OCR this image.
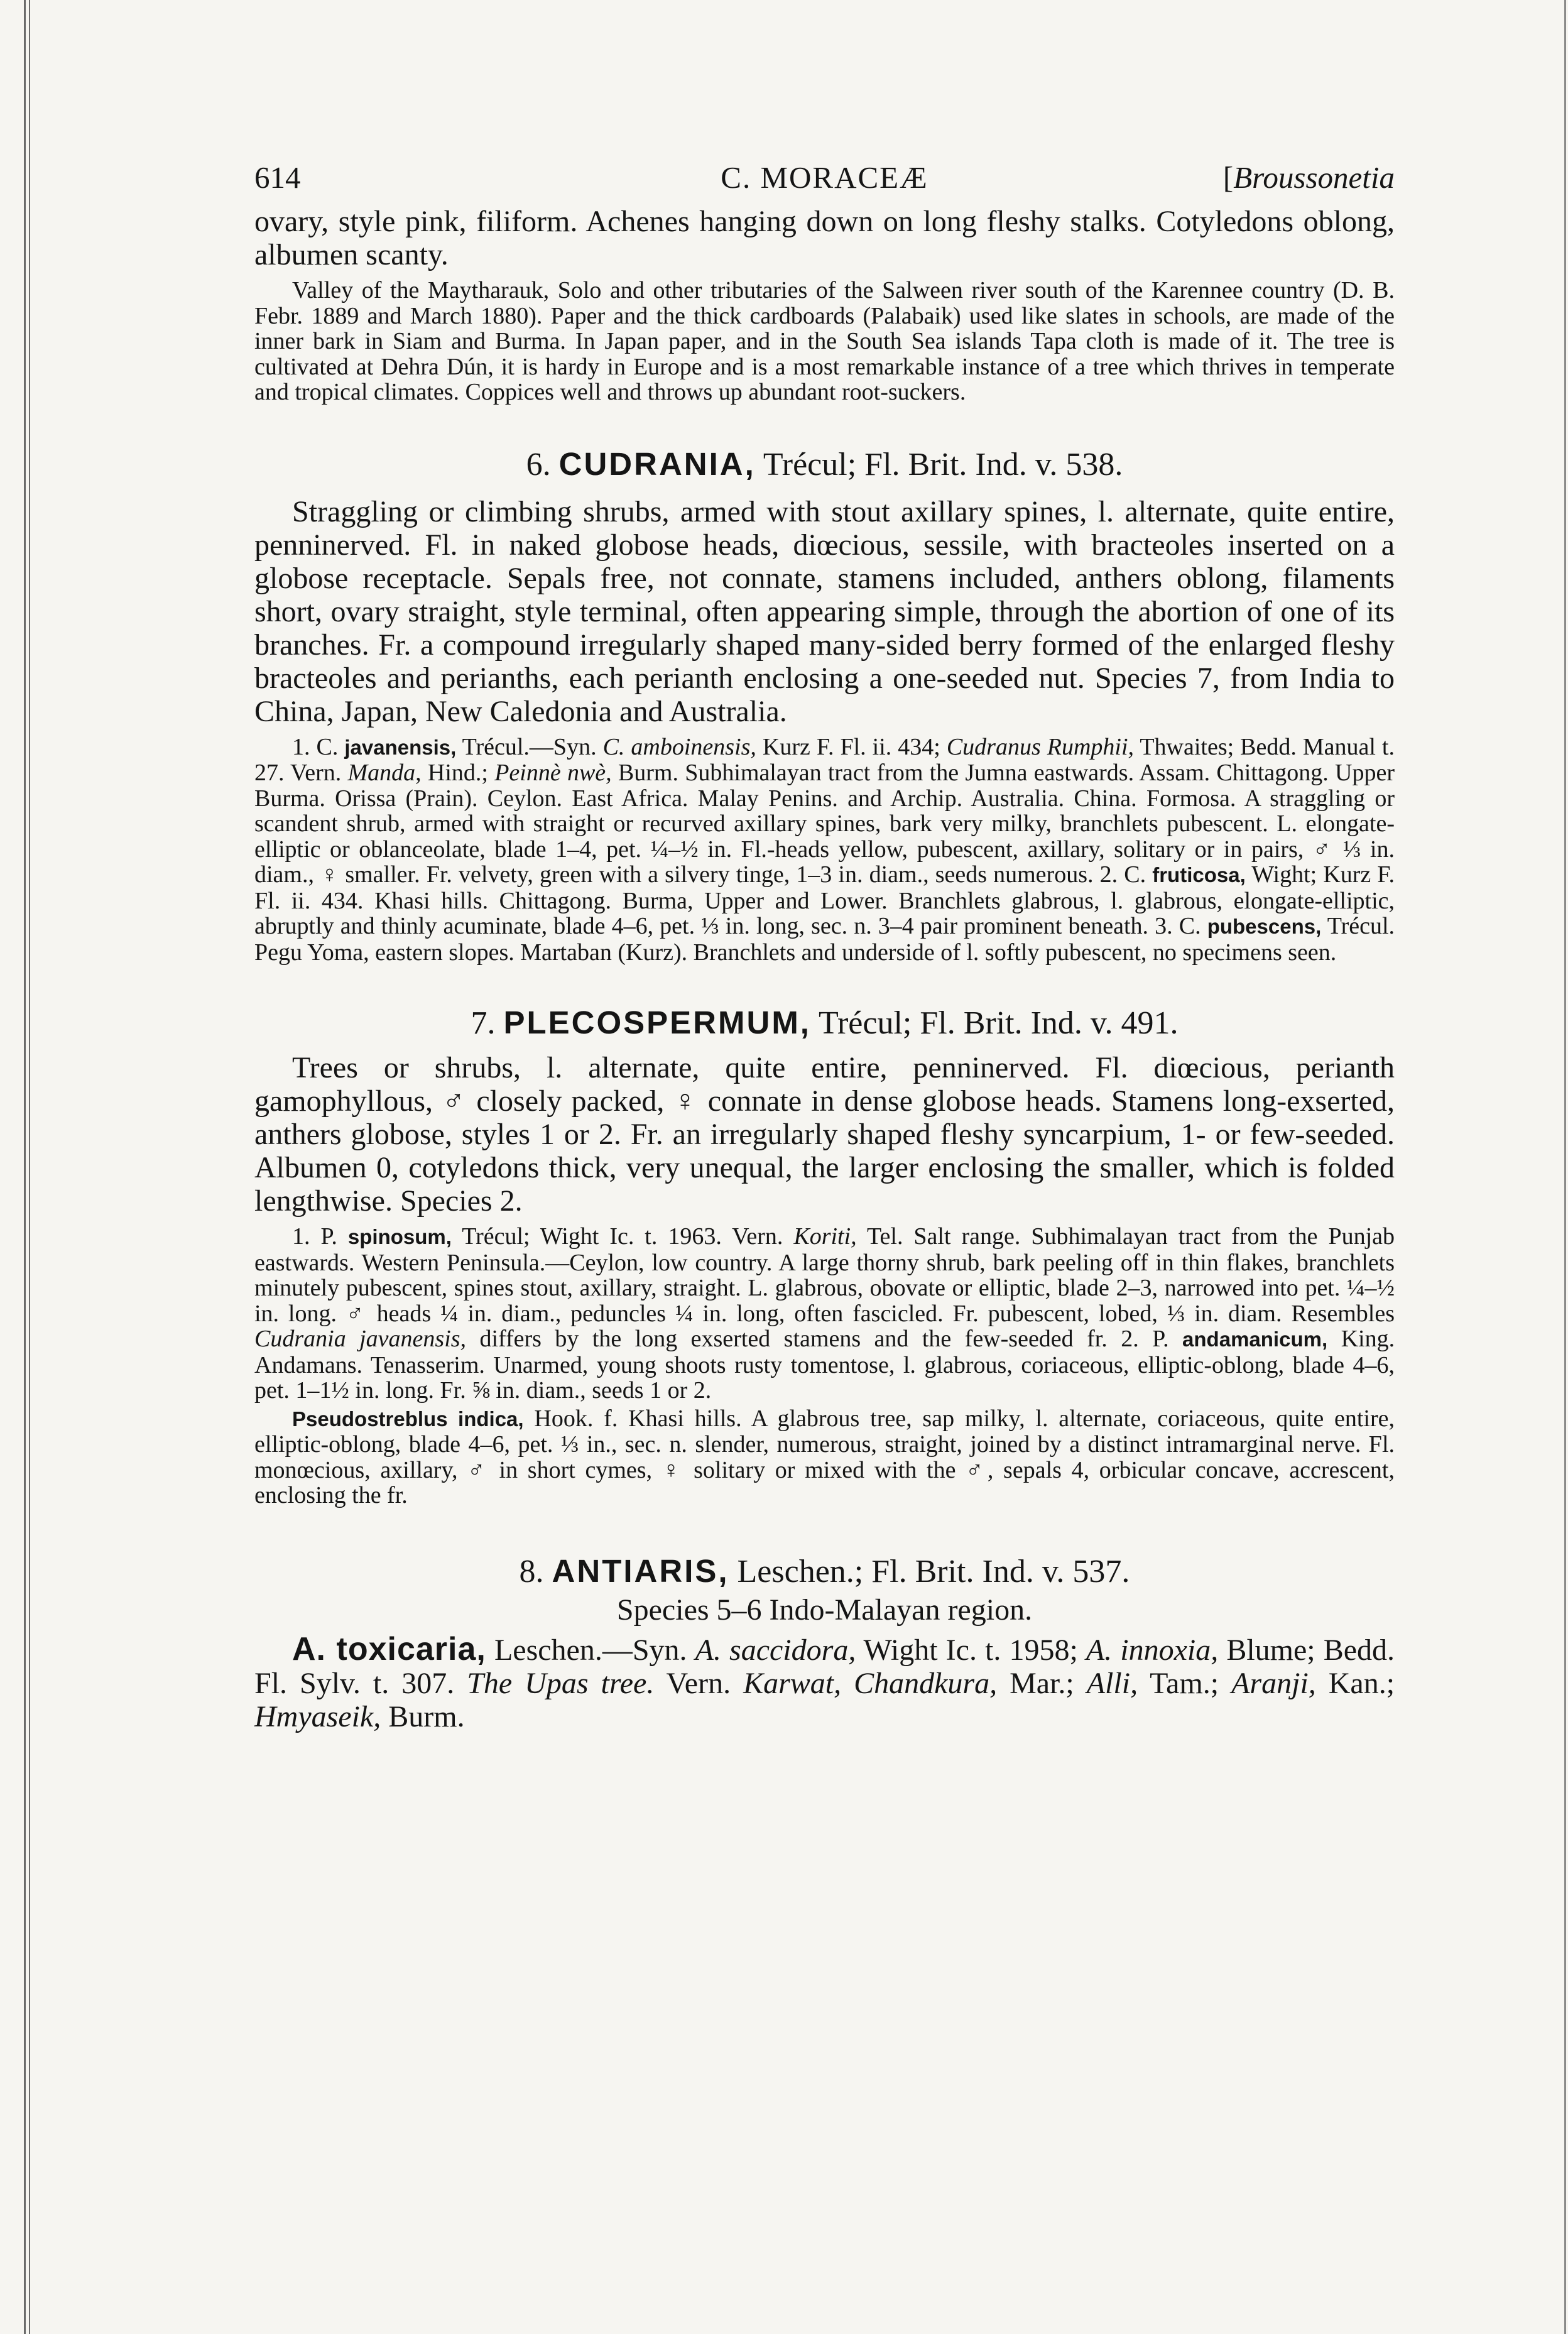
614	C. MORACEÆ	[Broussonetia

ovary, style pink, filiform. Achenes hanging down on long fleshy stalks. Cotyledons oblong, albumen scanty.

Valley of the Maytharauk, Solo and other tributaries of the Salween river south of the Karennee country (D. B. Febr. 1889 and March 1880). Paper and the thick cardboards (Palabaik) used like slates in schools, are made of the inner bark in Siam and Burma. In Japan paper, and in the South Sea islands Tapa cloth is made of it. The tree is cultivated at Dehra Dún, it is hardy in Europe and is a most remarkable instance of a tree which thrives in temperate and tropical climates. Coppices well and throws up abundant root-suckers.

6. CUDRANIA, Trécul; Fl. Brit. Ind. v. 538.

Straggling or climbing shrubs, armed with stout axillary spines, l. alternate, quite entire, penninerved. Fl. in naked globose heads, diœcious, sessile, with bracteoles inserted on a globose receptacle. Sepals free, not connate, stamens included, anthers oblong, filaments short, ovary straight, style terminal, often appearing simple, through the abortion of one of its branches. Fr. a compound irregularly shaped many-sided berry formed of the enlarged fleshy bracteoles and perianths, each perianth enclosing a one-seeded nut. Species 7, from India to China, Japan, New Caledonia and Australia.

1. C. javanensis, Trécul.—Syn. C. amboinensis, Kurz F. Fl. ii. 434; Cudranus Rumphii, Thwaites; Bedd. Manual t. 27. Vern. Manda, Hind.; Peinnè nwè, Burm. Subhimalayan tract from the Jumna eastwards. Assam. Chittagong. Upper Burma. Orissa (Prain). Ceylon. East Africa. Malay Penins. and Archip. Australia. China. Formosa. A straggling or scandent shrub, armed with straight or recurved axillary spines, bark very milky, branchlets pubescent. L. elongate-elliptic or oblanceolate, blade 1–4, pet. ¼–½ in. Fl.-heads yellow, pubescent, axillary, solitary or in pairs, ♂ ⅓ in. diam., ♀ smaller. Fr. velvety, green with a silvery tinge, 1–3 in. diam., seeds numerous. 2. C. fruticosa, Wight; Kurz F. Fl. ii. 434. Khasi hills. Chittagong. Burma, Upper and Lower. Branchlets glabrous, l. glabrous, elongate-elliptic, abruptly and thinly acuminate, blade 4–6, pet. ⅓ in. long, sec. n. 3–4 pair prominent beneath. 3. C. pubescens, Trécul. Pegu Yoma, eastern slopes. Martaban (Kurz). Branchlets and underside of l. softly pubescent, no specimens seen.

7. PLECOSPERMUM, Trécul; Fl. Brit. Ind. v. 491.

Trees or shrubs, l. alternate, quite entire, penninerved. Fl. diœcious, perianth gamophyllous, ♂ closely packed, ♀ connate in dense globose heads. Stamens long-exserted, anthers globose, styles 1 or 2. Fr. an irregularly shaped fleshy syncarpium, 1- or few-seeded. Albumen 0, cotyledons thick, very unequal, the larger enclosing the smaller, which is folded lengthwise. Species 2.

1. P. spinosum, Trécul; Wight Ic. t. 1963. Vern. Koriti, Tel. Salt range. Subhimalayan tract from the Punjab eastwards. Western Peninsula.—Ceylon, low country. A large thorny shrub, bark peeling off in thin flakes, branchlets minutely pubescent, spines stout, axillary, straight. L. glabrous, obovate or elliptic, blade 2–3, narrowed into pet. ¼–½ in. long. ♂ heads ¼ in. diam., peduncles ¼ in. long, often fascicled. Fr. pubescent, lobed, ⅓ in. diam. Resembles Cudrania javanensis, differs by the long exserted stamens and the few-seeded fr. 2. P. andamanicum, King. Andamans. Tenasserim. Unarmed, young shoots rusty tomentose, l. glabrous, coriaceous, elliptic-oblong, blade 4–6, pet. 1–1½ in. long. Fr. ⅝ in. diam., seeds 1 or 2.

Pseudostreblus indica, Hook. f. Khasi hills. A glabrous tree, sap milky, l. alternate, coriaceous, quite entire, elliptic-oblong, blade 4–6, pet. ⅓ in., sec. n. slender, numerous, straight, joined by a distinct intramarginal nerve. Fl. monœcious, axillary, ♂ in short cymes, ♀ solitary or mixed with the ♂, sepals 4, orbicular concave, accrescent, enclosing the fr.

8. ANTIARIS, Leschen.; Fl. Brit. Ind. v. 537.

Species 5–6 Indo-Malayan region.

A. toxicaria, Leschen.—Syn. A. saccidora, Wight Ic. t. 1958; A. innoxia, Blume; Bedd. Fl. Sylv. t. 307. The Upas tree. Vern. Karwat, Chandkura, Mar.; Alli, Tam.; Aranji, Kan.; Hmyaseik, Burm.
